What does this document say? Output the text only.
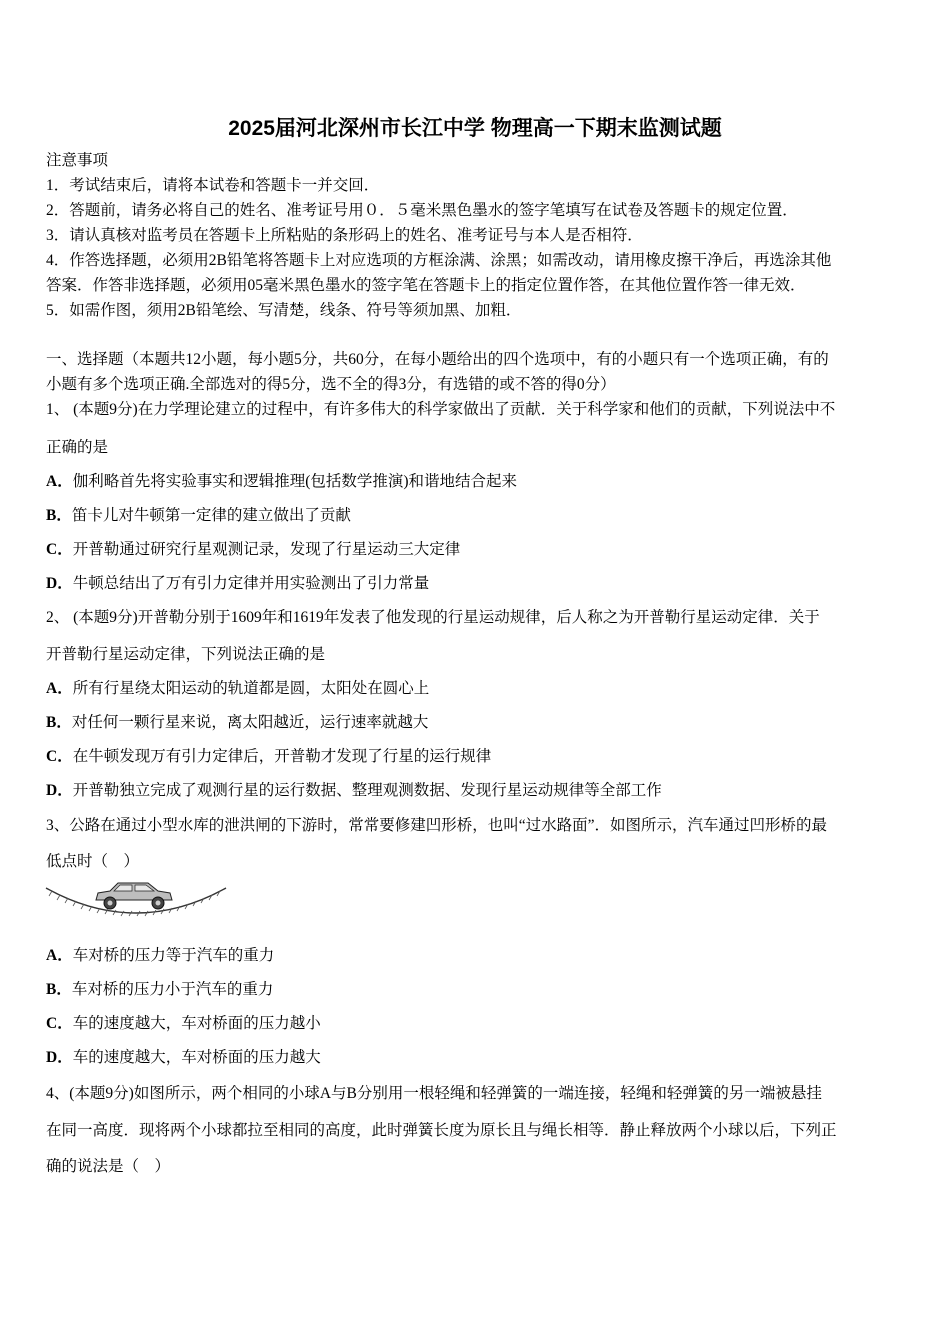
2025届河北深州市长江中学 物理高一下期末监测试题
注意事项
1．考试结束后，请将本试卷和答题卡一并交回．
2．答题前，请务必将自己的姓名、准考证号用０．５毫米黑色墨水的签字笔填写在试卷及答题卡的规定位置．
3．请认真核对监考员在答题卡上所粘贴的条形码上的姓名、准考证号与本人是否相符．
4．作答选择题，必须用2B铅笔将答题卡上对应选项的方框涂满、涂黑；如需改动，请用橡皮擦干净后，再选涂其他
答案．作答非选择题，必须用05毫米黑色墨水的签字笔在答题卡上的指定位置作答，在其他位置作答一律无效．
5．如需作图，须用2B铅笔绘、写清楚，线条、符号等须加黑、加粗．
一、选择题（本题共12小题，每小题5分，共60分，在每小题给出的四个选项中，有的小题只有一个选项正确，有的
小题有多个选项正确.全部选对的得5分，选不全的得3分，有选错的或不答的得0分）
1、 (本题9分)在力学理论建立的过程中，有许多伟大的科学家做出了贡献．关于科学家和他们的贡献，下列说法中不
正确的是
A．伽利略首先将实验事实和逻辑推理(包括数学推演)和谐地结合起来
B．笛卡儿对牛顿第一定律的建立做出了贡献
C．开普勒通过研究行星观测记录，发现了行星运动三大定律
D．牛顿总结出了万有引力定律并用实验测出了引力常量
2、 (本题9分)开普勒分别于1609年和1619年发表了他发现的行星运动规律，后人称之为开普勒行星运动定律．关于
开普勒行星运动定律，下列说法正确的是
A．所有行星绕太阳运动的轨道都是圆，太阳处在圆心上
B．对任何一颗行星来说，离太阳越近，运行速率就越大
C．在牛顿发现万有引力定律后，开普勒才发现了行星的运行规律
D．开普勒独立完成了观测行星的运行数据、整理观测数据、发现行星运动规律等全部工作
3、公路在通过小型水库的泄洪闸的下游时，常常要修建凹形桥，也叫“过水路面”．如图所示，汽车通过凹形桥的最
低点时（　）
A．车对桥的压力等于汽车的重力
B．车对桥的压力小于汽车的重力
C．车的速度越大，车对桥面的压力越小
D．车的速度越大，车对桥面的压力越大
4、(本题9分)如图所示，两个相同的小球A与B分别用一根轻绳和轻弹簧的一端连接，轻绳和轻弹簧的另一端被悬挂
在同一高度．现将两个小球都拉至相同的高度，此时弹簧长度为原长且与绳长相等．静止释放两个小球以后，下列正
确的说法是（　）
